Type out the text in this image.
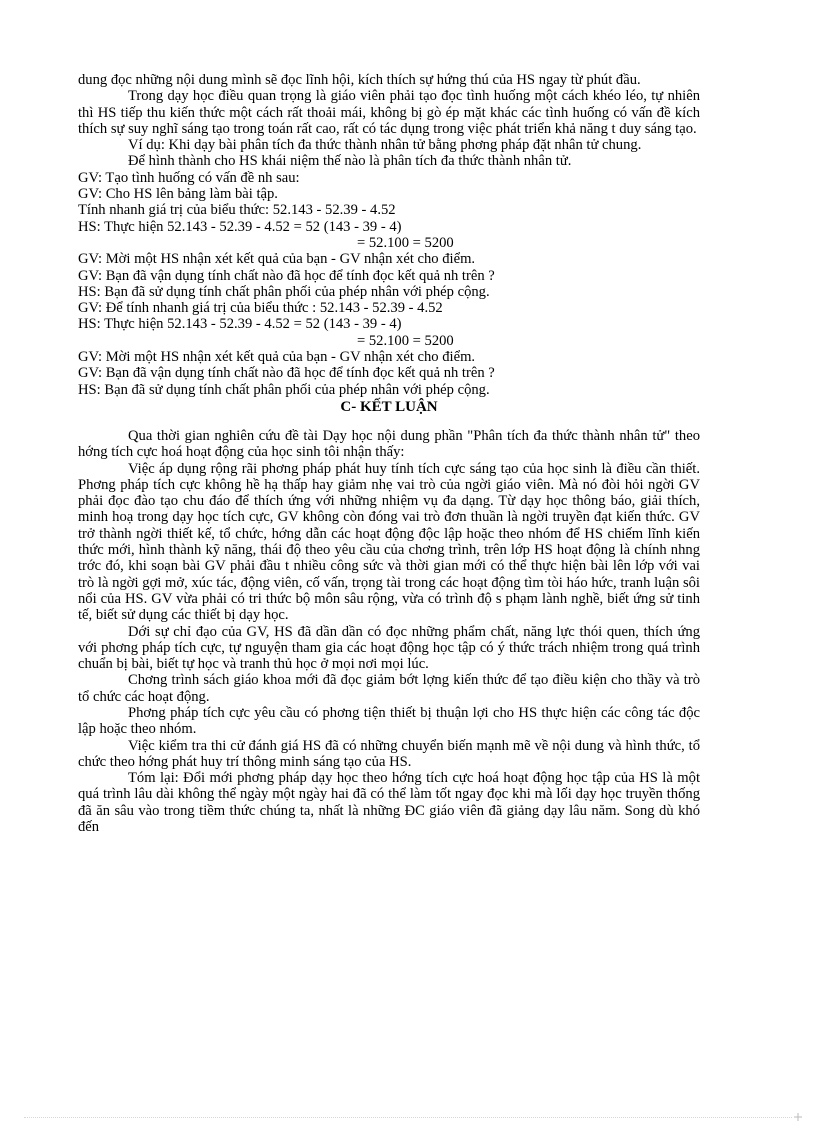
dung đọc những nội dung mình sẽ đọc lĩnh hội, kích thích sự hứng thú của HS ngay từ phút đầu.

Trong dạy học điều quan trọng là giáo viên phải tạo đọc tình huống một cách khéo léo, tự nhiên thì HS tiếp thu kiến thức một cách rất thoải mái, không bị gò ép mặt khác các tình huống có vấn đề kích thích sự suy nghĩ sáng tạo trong toán rất cao, rất có tác dụng trong việc phát triển khả năng t duy sáng tạo.

Ví dụ: Khi dạy bài phân tích đa thức thành nhân tử bằng phơng pháp đặt nhân tử chung.

Để hình thành cho HS khái niệm thế nào là phân tích đa thức thành nhân tử.

GV: Tạo tình huống có vấn đề nh sau:

GV: Cho HS lên bảng làm bài tập.

Tính nhanh giá trị của biểu thức: 52.143 - 52.39 - 4.52

HS: Thực hiện 52.143 - 52.39 - 4.52 = 52 (143 - 39 - 4)

= 52.100 = 5200

GV: Mời một HS nhận xét kết quả của bạn - GV nhận xét cho điểm.

GV: Bạn đã vận dụng tính chất nào đã học để tính đọc kết quả nh trên ?

HS: Bạn đã sử dụng tính chất phân phối của phép nhân với phép cộng.

GV: Để tính nhanh giá trị của biểu thức : 52.143 - 52.39 - 4.52

HS: Thực hiện 52.143 - 52.39 - 4.52 = 52 (143 - 39 - 4)

= 52.100 = 5200

GV: Mời một HS nhận xét kết quả của bạn - GV nhận xét cho điểm.

GV: Bạn đã vận dụng tính chất nào đã học để tính đọc kết quả nh trên ?

HS: Bạn đã sử dụng tính chất phân phối của phép nhân với phép cộng.

C- KẾT LUẬN

Qua thời gian nghiên cứu đề tài Dạy học nội dung phần "Phân tích đa thức thành nhân tử" theo hớng tích cực hoá hoạt động của học sinh tôi nhận thấy:

Việc áp dụng rộng rãi phơng pháp phát huy tính tích cực sáng tạo của học sinh là điều cần thiết. Phơng pháp tích cực không hề hạ thấp hay giảm nhẹ vai trò của ngời giáo viên. Mà nó đòi hỏi ngời GV phải đọc đào tạo chu đáo để thích ứng với những nhiệm vụ đa dạng. Từ dạy học thông báo, giải thích, minh hoạ trong dạy học tích cực, GV không còn đóng vai trò đơn thuần là ngời truyền đạt kiến thức. GV trở thành ngời thiết kế, tổ chức, hớng dẫn các hoạt động độc lập hoặc theo nhóm để HS chiếm lĩnh kiến thức mới, hình thành kỹ năng, thái độ theo yêu cầu của chơng trình, trên lớp HS hoạt động là chính nhng trớc đó, khi soạn bài GV phải đầu t nhiều công sức và thời gian mới có thể thực hiện bài lên lớp với vai trò là ngời gợi mở, xúc tác, động viên, cố vấn, trọng tài trong các hoạt động tìm tòi háo hức, tranh luận sôi nổi của HS. GV vừa phải có tri thức bộ môn sâu rộng, vừa có trình độ s phạm lành nghề, biết ứng sử tinh tế, biết sử dụng các thiết bị dạy học.

Dới sự chỉ đạo của GV, HS đã dần dần có đọc những phẩm chất, năng lực thói quen, thích ứng với phơng pháp tích cực, tự nguyện tham gia các hoạt động học tập có ý thức trách nhiệm trong quá trình chuẩn bị bài, biết tự học và tranh thủ học ở mọi nơi mọi lúc.

Chơng trình sách giáo khoa mới đã đọc giảm bớt lợng kiến thức để tạo điều kiện cho thầy và trò tổ chức các hoạt động.

Phơng pháp tích cực yêu cầu có phơng tiện thiết bị thuận lợi cho HS thực hiện các công tác độc lập hoặc theo nhóm.

Việc kiểm tra thi cử đánh giá HS đã có những chuyển biến mạnh mẽ về nội dung và hình thức, tổ chức theo hớng phát huy trí thông minh sáng tạo của HS.

Tóm lại: Đổi mới phơng pháp dạy học theo hớng tích cực hoá hoạt động học tập của HS là một quá trình lâu dài không thể ngày một ngày hai đã có thể làm tốt ngay đọc khi mà lối dạy học truyền thống đã ăn sâu vào trong tiềm thức chúng ta, nhất là những ĐC giáo viên đã giảng dạy lâu năm. Song dù khó đến
